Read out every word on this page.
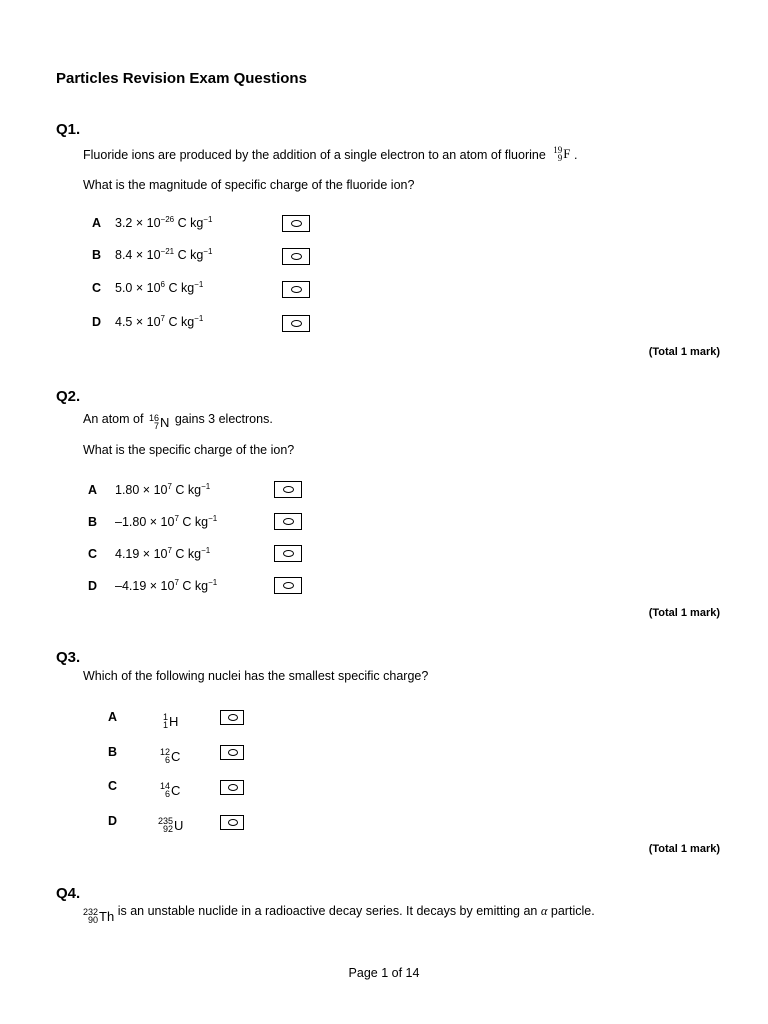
Particles Revision Exam Questions
Q1.
Fluoride ions are produced by the addition of a single electron to an atom of fluorine 19
9 F .
What is the magnitude of specific charge of the fluoride ion?
A $3.2 \times 10^{-26}$ C $kg^{-1}$
B $8.4 \times 10^{-21}$ C $kg^{-1}$
C $5.0 \times 10^6$ C $kg^{-1}$
D $4.5 \times 10^7$ C $kg^{-1}$
(Total 1 mark)
Q2.
An atom of 16
7 N gains 3 electrons.
What is the specific charge of the ion?
A $1.80 \times 10^7$ C $kg^{-1}$
B $-1.80 \times 10^7$ C $kg^{-1}$
C $4.19 \times 10^7$ C $kg^{-1}$
D $-4.19 \times 10^7$ C $kg^{-1}$
(Total 1 mark)
Q3.
Which of the following nuclei has the smallest specific charge?
A	1
1 H
B	12
6 C
C	14
6 C
D	235
92 U
(Total 1 mark)
Q4.
232
90 Th is an unstable nuclide in a radioactive decay series. It decays by emitting an α particle.
Page 1 of 14
